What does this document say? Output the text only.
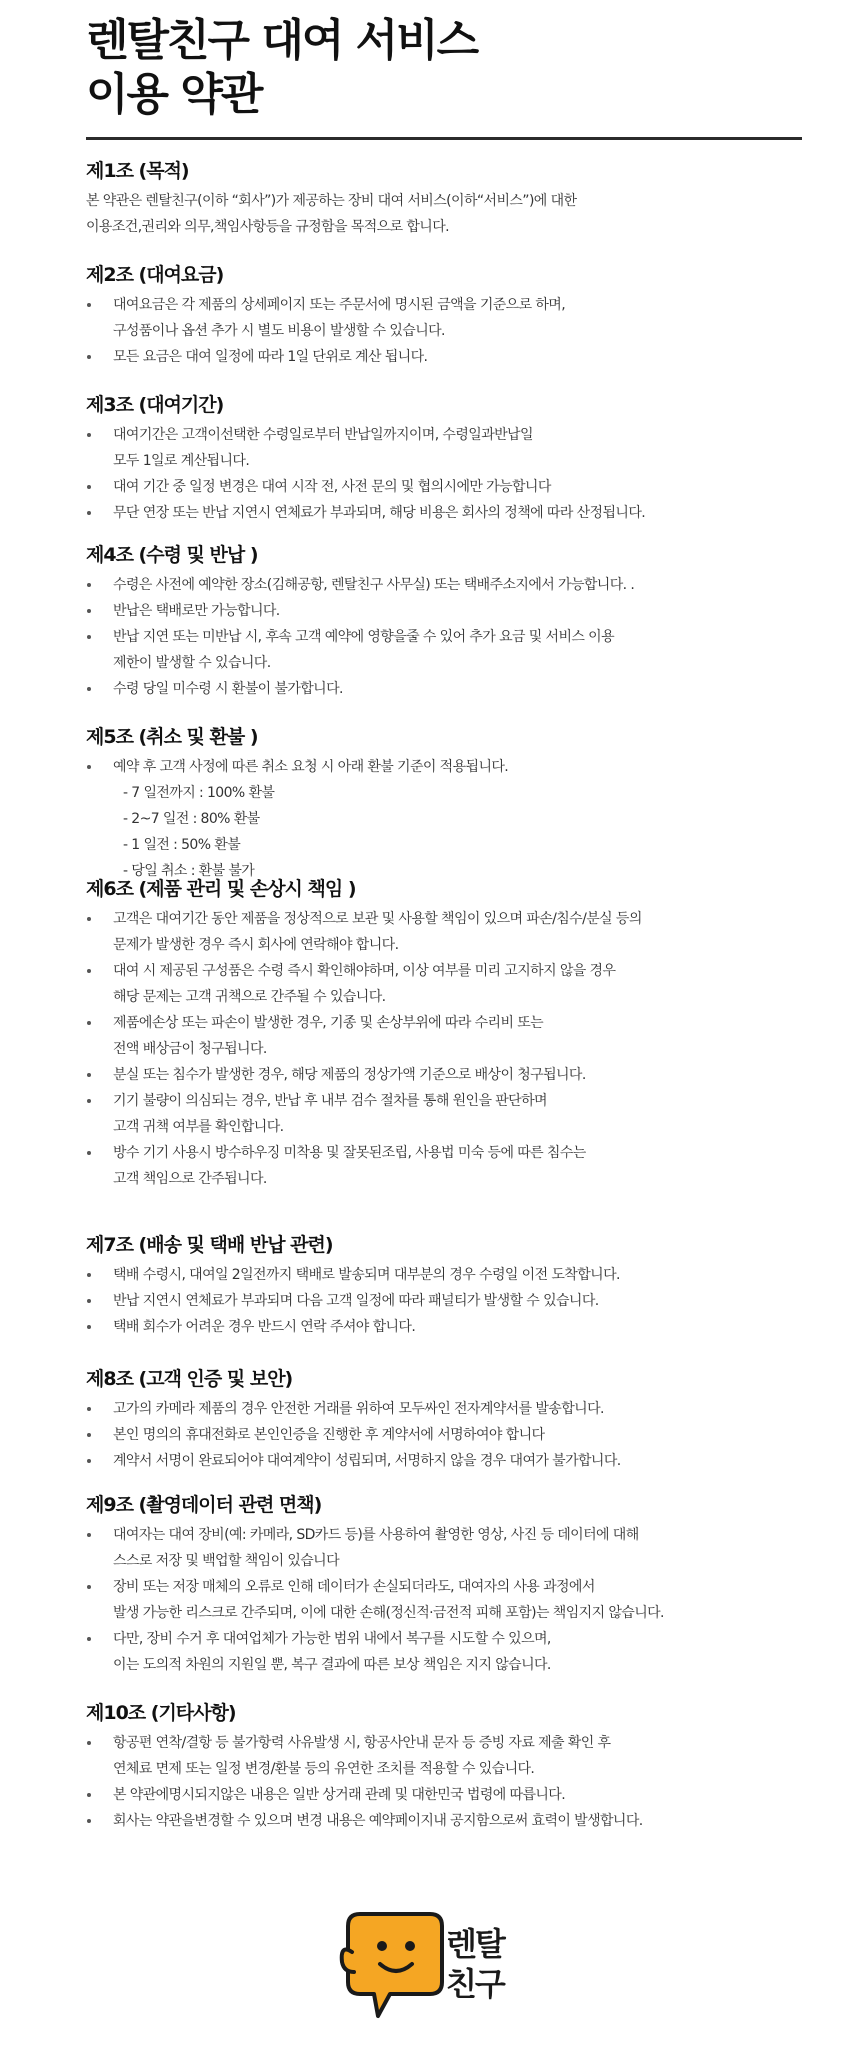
렌탈친구 대여 서비스
이용 약관
제1조 (목적)

본 약관은 렌탈친구(이하 “회사”)가 제공하는 장비 대여 서비스(이하“서비스”)에 대한
이용조건,권리와 의무,책임사항등을 규정함을 목적으로 합니다.

제2조 (대여요금)
대여요금은 각 제품의 상세페이지 또는 주문서에 명시된 금액을 기준으로 하며,
구성품이나 옵션 추가 시 별도 비용이 발생할 수 있습니다.
모든 요금은 대여 일정에 따라 1일 단위로 계산 됩니다.
제3조 (대여기간)
대여기간은 고객이선택한 수령일로부터 반납일까지이며, 수령일과반납일
모두 1일로 계산됩니다.
대여 기간 중 일정 변경은 대여 시작 전, 사전 문의 및 협의시에만 가능합니다
무단 연장 또는 반납 지연시 연체료가 부과되며, 해당 비용은 회사의 정책에 따라 산정됩니다.
제4조 (수령 및 반납 )
수령은 사전에 예약한 장소(김해공항, 렌탈친구 사무실) 또는 택배주소지에서 가능합니다. .
반납은 택배로만 가능합니다.
반납 지연 또는 미반납 시, 후속 고객 예약에 영향을줄 수 있어 추가 요금 및 서비스 이용
제한이 발생할 수 있습니다.
수령 당일 미수령 시 환불이 불가합니다.
제5조 (취소 및 환불 )
예약 후 고객 사정에 따른 취소 요청 시 아래 환불 기준이 적용됩니다.
- 7 일전까지 : 100% 환불
- 2~7 일전 : 80% 환불
- 1 일전 : 50% 환불
- 당일 취소 : 환불 불가
제6조 (제품 관리 및 손상시 책임 )
고객은 대여기간 동안 제품을 정상적으로 보관 및 사용할 책임이 있으며 파손/침수/분실 등의
문제가 발생한 경우 즉시 회사에 연락해야 합니다.
대여 시 제공된 구성품은 수령 즉시 확인해야하며, 이상 여부를 미리 고지하지 않을 경우
해당 문제는 고객 귀책으로 간주될 수 있습니다.
제품에손상 또는 파손이 발생한 경우, 기종 및 손상부위에 따라 수리비 또는
전액 배상금이 청구됩니다.
분실 또는 침수가 발생한 경우, 해당 제품의 정상가액 기준으로 배상이 청구됩니다.
기기 불량이 의심되는 경우, 반납 후 내부 검수 절차를 통해 원인을 판단하며
고객 귀책 여부를 확인합니다.
방수 기기 사용시 방수하우징 미착용 및 잘못된조립, 사용법 미숙 등에 따른 침수는
고객 책임으로 간주됩니다.
제7조 (배송 및 택배 반납 관련)
택배 수령시, 대여일 2일전까지 택배로 발송되며 대부분의 경우 수령일 이전 도착합니다.
반납 지연시 연체료가 부과되며 다음 고객 일정에 따라 패널티가 발생할 수 있습니다.
택배 회수가 어려운 경우 반드시 연락 주셔야 합니다.
제8조 (고객 인증 및 보안)
고가의 카메라 제품의 경우 안전한 거래를 위하여 모두싸인 전자계약서를 발송합니다.
본인 명의의 휴대전화로 본인인증을 진행한 후 계약서에 서명하여야 합니다
계약서 서명이 완료되어야 대여계약이 성립되며, 서명하지 않을 경우 대여가 불가합니다.
제9조 (촬영데이터 관련 면책)
대여자는 대여 장비(예: 카메라, SD카드 등)를 사용하여 촬영한 영상, 사진 등 데이터에 대해
스스로 저장 및 백업할 책임이 있습니다
장비 또는 저장 매체의 오류로 인해 데이터가 손실되더라도, 대여자의 사용 과정에서
발생 가능한 리스크로 간주되며, 이에 대한 손해(정신적·금전적 피해 포함)는 책임지지 않습니다.
다만, 장비 수거 후 대여업체가 가능한 범위 내에서 복구를 시도할 수 있으며,
이는 도의적 차원의 지원일 뿐, 복구 결과에 따른 보상 책임은 지지 않습니다.
제10조 (기타사항)
항공편 연착/결항 등 불가항력 사유발생 시, 항공사안내 문자 등 증빙 자료 제출 확인 후
연체료 면제 또는 일정 변경/환불 등의 유연한 조치를 적용할 수 있습니다.
본 약관에명시되지않은 내용은 일반 상거래 관례 및 대한민국 법령에 따릅니다.
회사는 약관을변경할 수 있으며 변경 내용은 예약페이지내 공지함으로써 효력이 발생합니다.
렌탈
친구
